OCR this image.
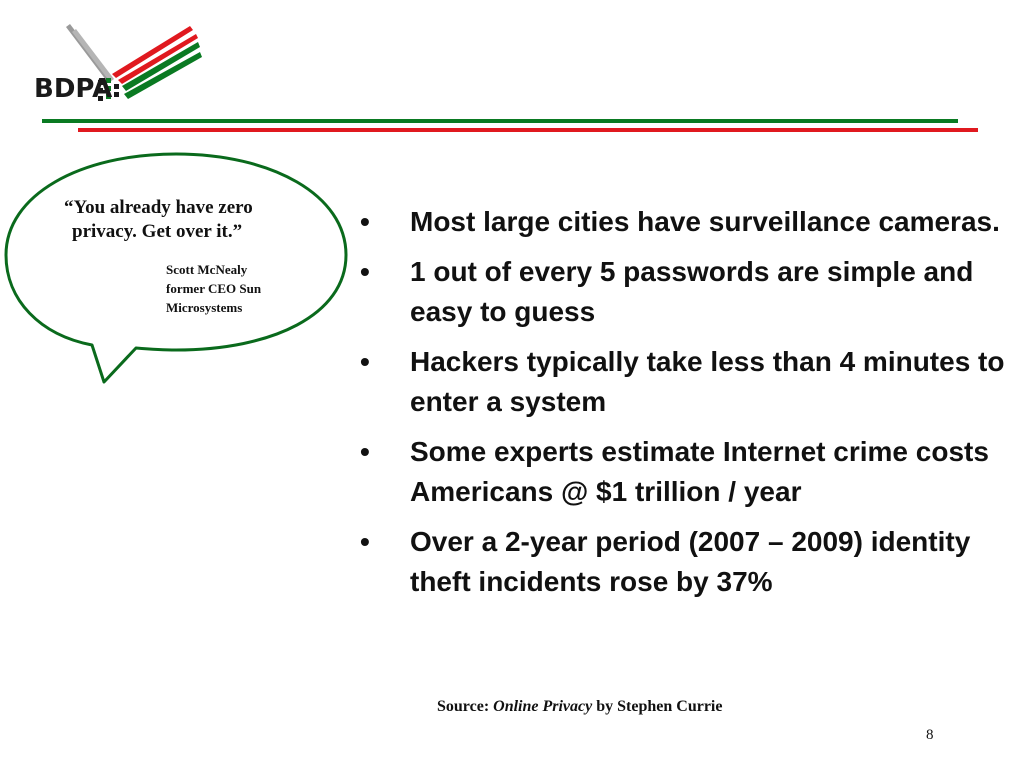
BDPA
“You already have zero
privacy. Get over it.”
Scott McNealy
former CEO Sun
Microsystems
• Most large cities have surveillance cameras.
• 1 out of every 5 passwords are simple and easy to guess
• Hackers typically take less than 4 minutes to enter a system
• Some experts estimate Internet crime costs Americans @ $1 trillion / year
• Over a 2-year period (2007 – 2009) identity theft incidents rose by 37%
Source: Online Privacy by Stephen Currie
8
